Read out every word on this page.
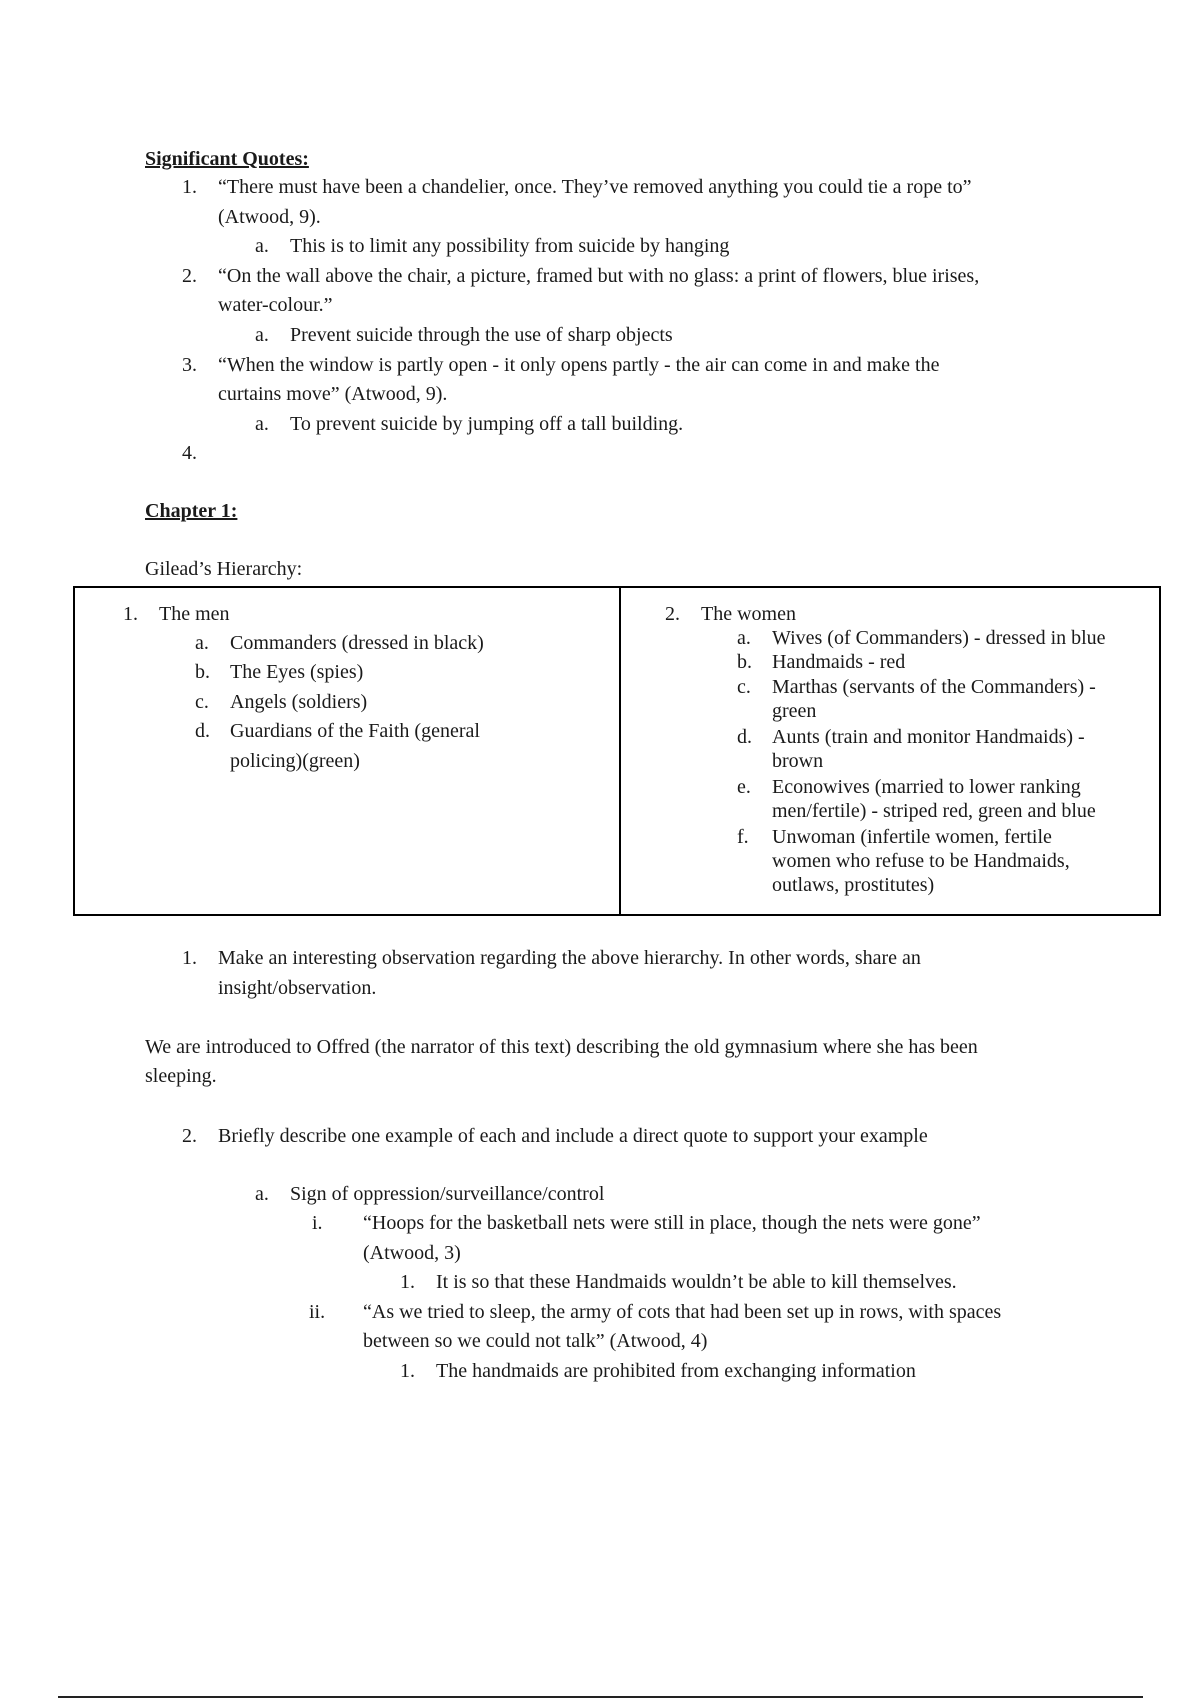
Significant Quotes:
1. “There must have been a chandelier, once. They’ve removed anything you could tie a rope to”
(Atwood, 9).
a. This is to limit any possibility from suicide by hanging
2. “On the wall above the chair, a picture, framed but with no glass: a print of flowers, blue irises,
water-colour.”
a. Prevent suicide through the use of sharp objects
3. “When the window is partly open - it only opens partly - the air can come in and make the
curtains move” (Atwood, 9).
a. To prevent suicide by jumping off a tall building.
4.
Chapter 1:
Gilead’s Hierarchy:
1. The men
a. Commanders (dressed in black)
b. The Eyes (spies)
c. Angels (soldiers)
d. Guardians of the Faith (general
policing)(green)
2. The women
a. Wives (of Commanders) - dressed in blue
b. Handmaids - red
c. Marthas (servants of the Commanders) -
green
d. Aunts (train and monitor Handmaids) -
brown
e. Econowives (married to lower ranking
men/fertile) - striped red, green and blue
f. Unwoman (infertile women, fertile
women who refuse to be Handmaids,
outlaws, prostitutes)
1. Make an interesting observation regarding the above hierarchy. In other words, share an
insight/observation.
We are introduced to Offred (the narrator of this text) describing the old gymnasium where she has been
sleeping.
2. Briefly describe one example of each and include a direct quote to support your example
a. Sign of oppression/surveillance/control
i. “Hoops for the basketball nets were still in place, though the nets were gone”
(Atwood, 3)
1. It is so that these Handmaids wouldn’t be able to kill themselves.
ii. “As we tried to sleep, the army of cots that had been set up in rows, with spaces
between so we could not talk” (Atwood, 4)
1. The handmaids are prohibited from exchanging information
